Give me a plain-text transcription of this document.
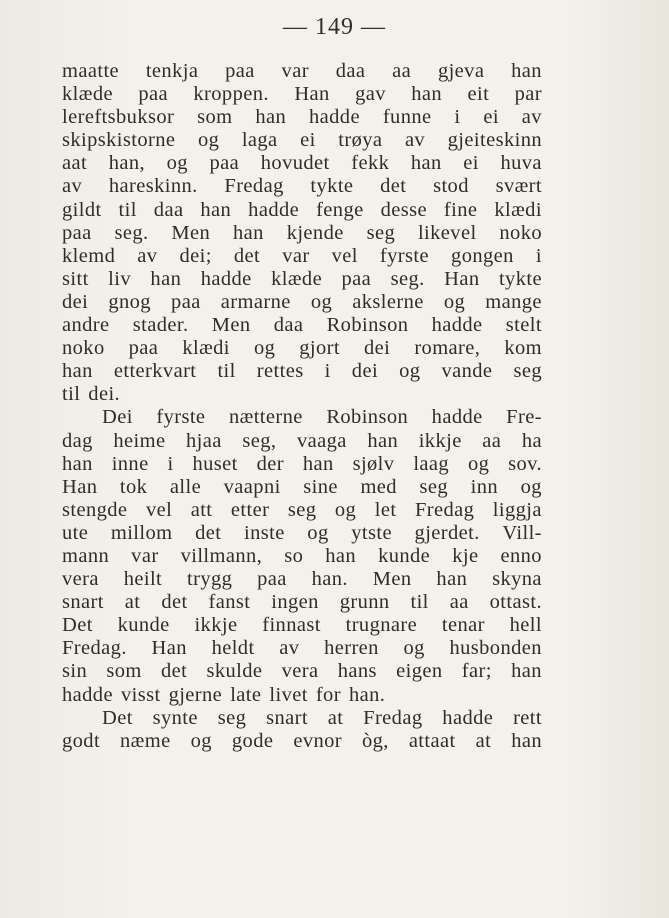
— 149 —
maatte tenkja paa var daa aa gjeva han
klæde paa kroppen. Han gav han eit par
lereftsbuksor som han hadde funne i ei av
skipskistorne og laga ei trøya av gjeiteskinn
aat han, og paa hovudet fekk han ei huva
av hareskinn. Fredag tykte det stod svært
gildt til daa han hadde fenge desse fine klædi
paa seg. Men han kjende seg likevel noko
klemd av dei; det var vel fyrste gongen i
sitt liv han hadde klæde paa seg. Han tykte
dei gnog paa armarne og akslerne og mange
andre stader. Men daa Robinson hadde stelt
noko paa klædi og gjort dei romare, kom
han etterkvart til rettes i dei og vande seg
til dei.
Dei fyrste nætterne Robinson hadde Fre-
dag heime hjaa seg, vaaga han ikkje aa ha
han inne i huset der han sjølv laag og sov.
Han tok alle vaapni sine med seg inn og
stengde vel att etter seg og let Fredag liggja
ute millom det inste og ytste gjerdet. Vill-
mann var villmann, so han kunde kje enno
vera heilt trygg paa han. Men han skyna
snart at det fanst ingen grunn til aa ottast.
Det kunde ikkje finnast trugnare tenar hell
Fredag. Han heldt av herren og husbonden
sin som det skulde vera hans eigen far; han
hadde visst gjerne late livet for han.
Det synte seg snart at Fredag hadde rett
godt næme og gode evnor òg, attaat at han
